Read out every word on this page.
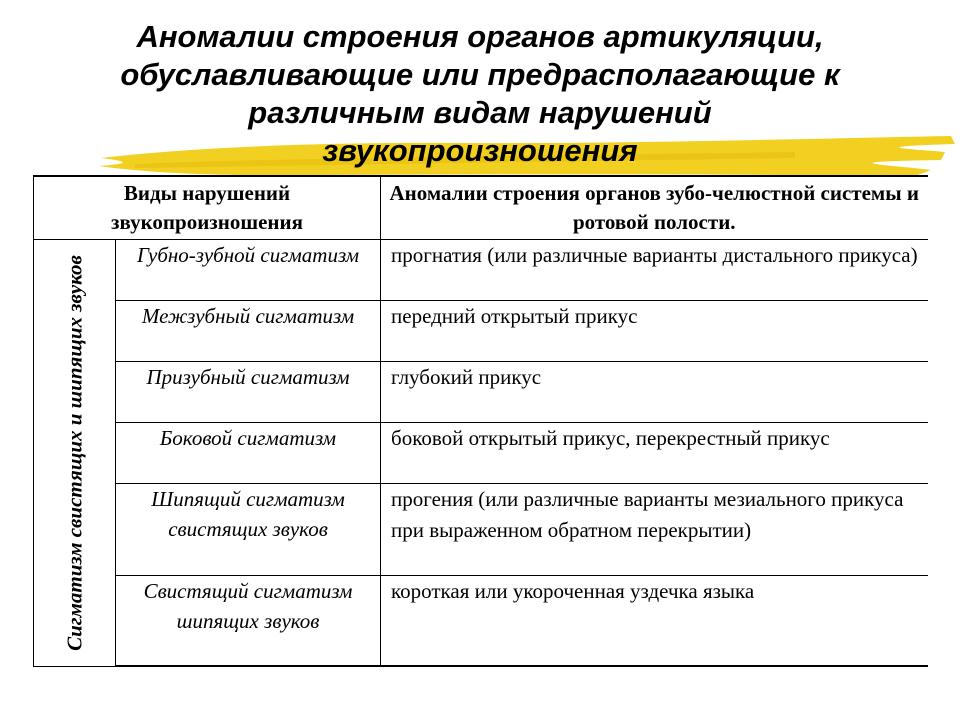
Аномалии строения органов артикуляции,
обуславливающие или предрасполагающие к
различным видам нарушений
звукопроизношения
Виды нарушений звукопроизношения		Аномалии строения органов зубо-челюстной системы и ротовой полости.

Сигматизм свистящих и шипящих звуков	Губно-зубной сигматизм	прогнатия (или различные варианты дистального прикуса)
	Межзубный сигматизм	передний открытый прикус
	Призубный сигматизм	глубокий прикус
	Боковой сигматизм	боковой открытый прикус, перекрестный прикус
	Шипящий сигматизм свистящих звуков	прогения (или различные варианты мезиального прикуса при выраженном обратном перекрытии)
	Свистящий сигматизм шипящих звуков	короткая или укороченная уздечка языка
